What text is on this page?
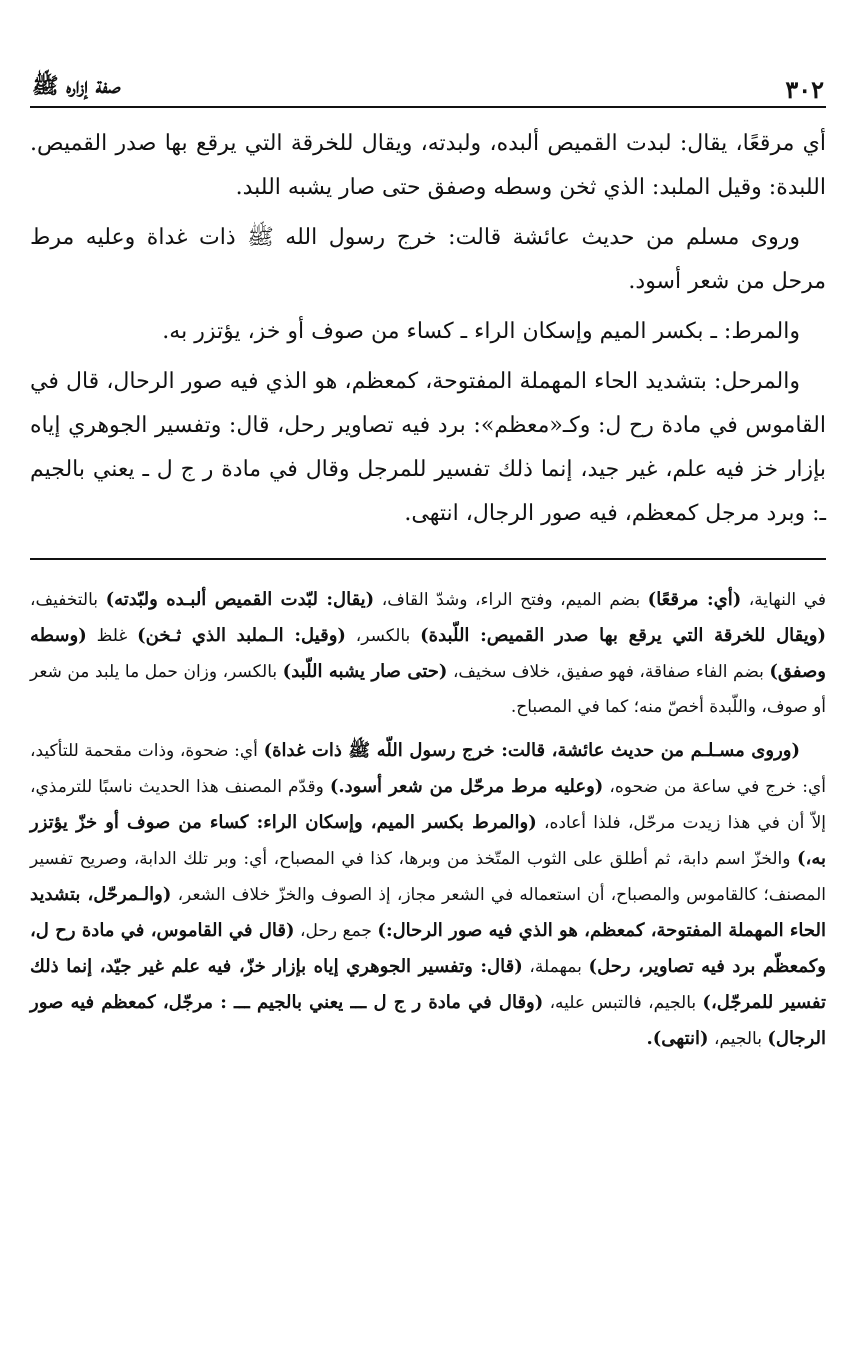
٣٠٢
صفة إزاره ﷺ

أي مرقعًا، يقال: لبدت القميص ألبده، ولبدته، ويقال للخرقة التي يرقع بها صدر القميص. اللبدة: وقيل الملبد: الذي ثخن وسطه وصفق حتى صار يشبه اللبد.

وروى مسلم من حديث عائشة قالت: خرج رسول الله ﷺ ذات غداة وعليه مرط مرحل من شعر أسود.

والمرط: ـ بكسر الميم وإسكان الراء ـ كساء من صوف أو خز، يؤتزر به.

والمرحل: بتشديد الحاء المهملة المفتوحة، كمعظم، هو الذي فيه صور الرحال، قال في القاموس في مادة رح ل: وكـ«معظم»: برد فيه تصاوير رحل، قال: وتفسير الجوهري إياه بإزار خز فيه علم، غير جيد، إنما ذلك تفسير للمرجل وقال في مادة ر ج ل ـ يعني بالجيم ـ: وبرد مرجل كمعظم، فيه صور الرجال، انتهى.

في النهاية، (أي: مرقعًا) بضم الميم، وفتح الراء، وشدّ القاف، (يقال: لبّدت القميص ألبـده ولبّدته) بالتخفيف، (ويقال للخرقة التي يرقع بها صدر القميص: اللّبدة) بالكسر، (وقيل: الـملبد الذي ثـخن) غلظ (وسطه وصفق) بضم الفاء صفاقة، فهو صفيق، خلاف سخيف، (حتى صار يشبه اللّبد) بالكسر، وزان حمل ما يلبد من شعر أو صوف، واللّبدة أخصّ منه؛ كما في المصباح.

(وروى مسـلـم من حديث عائشة، قالت: خرج رسول اللّه ﷺ ذات غداة) أي: ضحوة، وذات مقحمة للتأكيد، أي: خرج في ساعة من ضحوه، (وعليه مرط مرحّل من شعر أسود.) وقدّم المصنف هذا الحديث ناسبًا للترمذي، إلاّ أن في هذا زيدت مرحّل، فلذا أعاده، (والمرط بكسر الميم، وإسكان الراء: كساء من صوف أو خزّ يؤتزر به،) والخزّ اسم دابة، ثم أطلق على الثوب المتّخذ من وبرها، كذا في المصباح، أي: وبر تلك الدابة، وصريح تفسير المصنف؛ كالقاموس والمصباح، أن استعماله في الشعر مجاز، إذ الصوف والخزّ خلاف الشعر، (والـمرحّل، بتشديد الحاء المهملة المفتوحة، كمعظم، هو الذي فيه صور الرحال:) جمع رحل، (قال في القاموس، في مادة رح ل، وكمعظّم برد فيه تصاوير، رحل) بمهملة، (قال: وتفسير الجوهري إياه بإزار خزّ، فيه علم غير جيّد، إنما ذلك تفسير للمرجّل،) بالجيم، فالتبس عليه، (وقال في مادة ر ج ل ـــ يعني بالجيم ـــ : مرجّل، كمعظم فيه صور الرجال) بالجيم، (انتهى).
